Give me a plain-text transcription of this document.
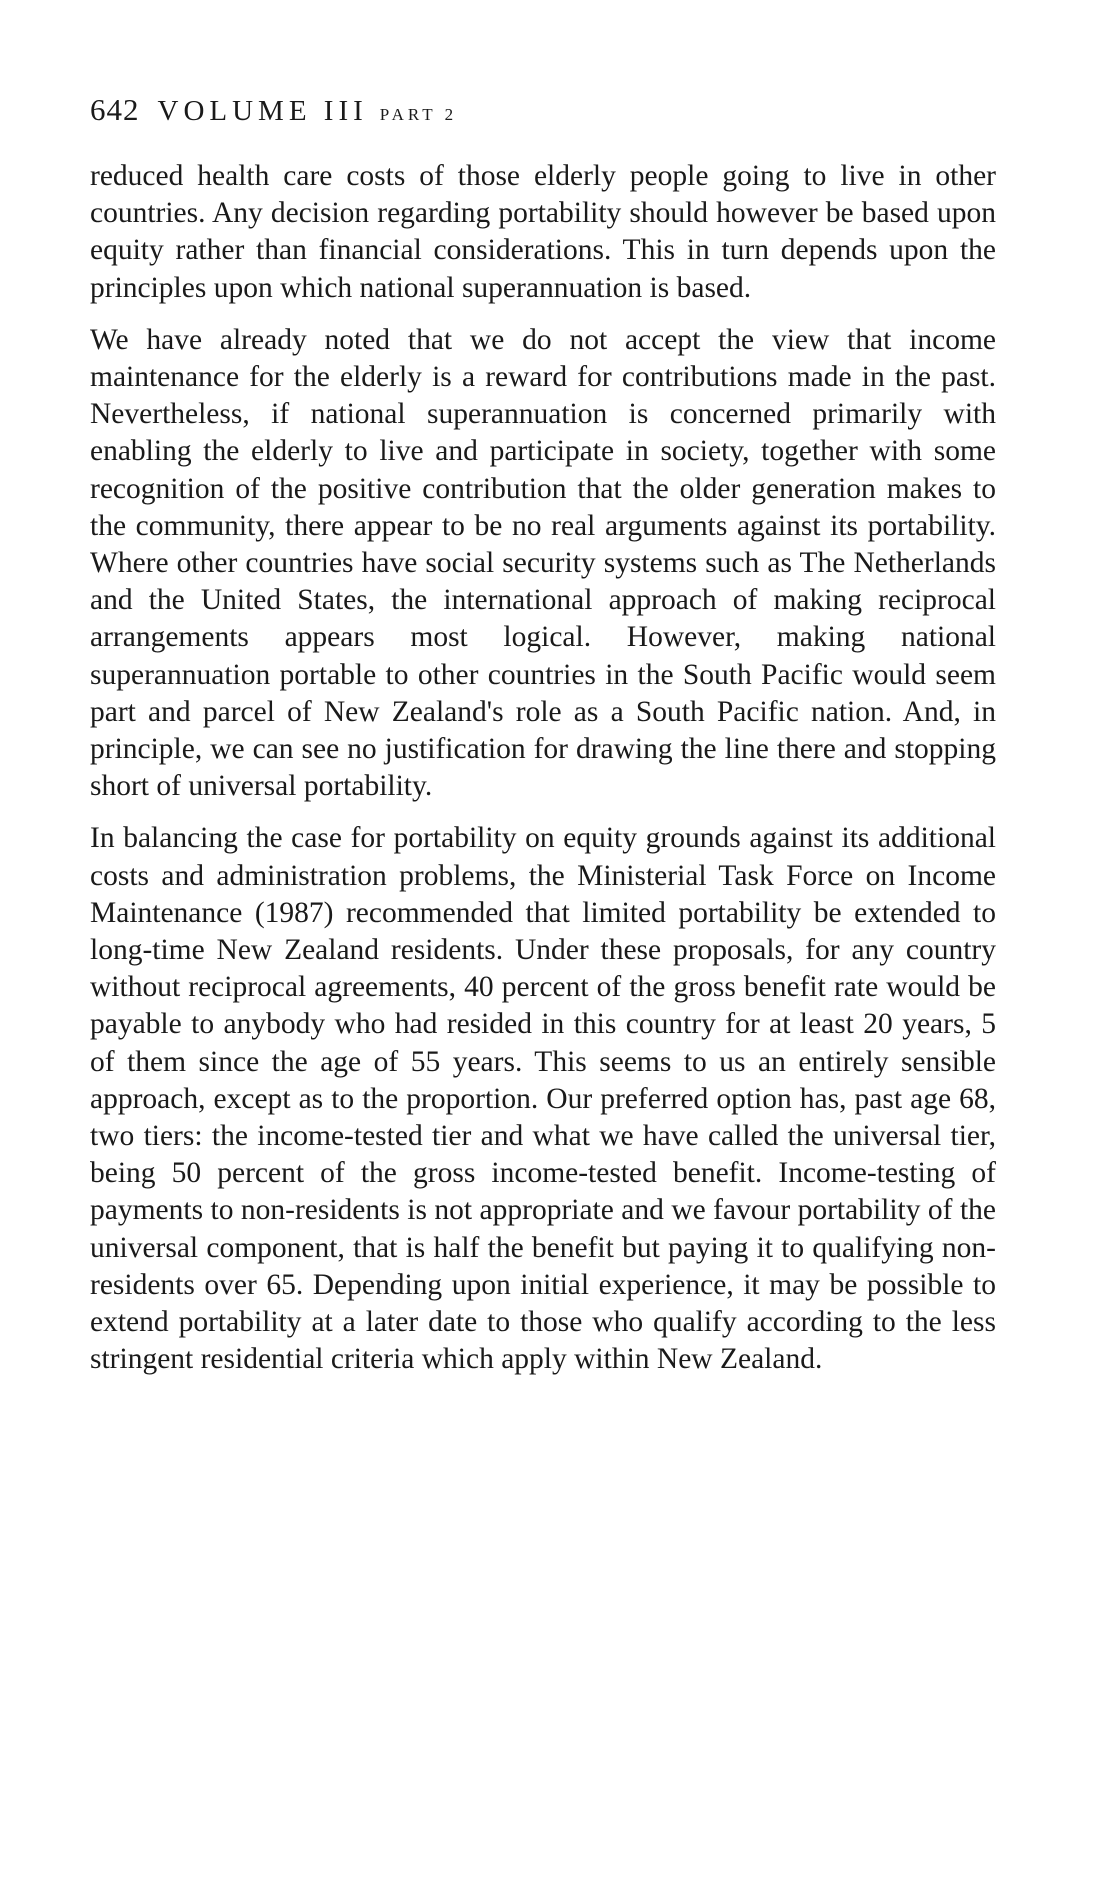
642 VOLUME III PART 2

reduced health care costs of those elderly people going to live in other countries. Any decision regarding portability should however be based upon equity rather than financial considerations. This in turn depends upon the principles upon which national superannuation is based.

We have already noted that we do not accept the view that income maintenance for the elderly is a reward for contributions made in the past. Nevertheless, if national superannuation is concerned primarily with enabling the elderly to live and participate in society, together with some recognition of the positive contribution that the older generation makes to the community, there appear to be no real arguments against its portability. Where other countries have social security systems such as The Netherlands and the United States, the international approach of making reciprocal arrangements appears most logical. However, making national superannuation portable to other countries in the South Pacific would seem part and parcel of New Zealand's role as a South Pacific nation. And, in principle, we can see no justification for drawing the line there and stopping short of universal portability.

In balancing the case for portability on equity grounds against its additional costs and administration problems, the Ministerial Task Force on Income Maintenance (1987) recommended that limited portability be extended to long-time New Zealand residents. Under these proposals, for any country without reciprocal agreements, 40 percent of the gross benefit rate would be payable to anybody who had resided in this country for at least 20 years, 5 of them since the age of 55 years. This seems to us an entirely sensible approach, except as to the proportion. Our preferred option has, past age 68, two tiers: the income-tested tier and what we have called the universal tier, being 50 percent of the gross income-tested benefit. Income-testing of payments to non-residents is not appropriate and we favour portability of the universal component, that is half the benefit but paying it to qualifying non-residents over 65. Depending upon initial experience, it may be possible to extend portability at a later date to those who qualify according to the less stringent residential criteria which apply within New Zealand.
